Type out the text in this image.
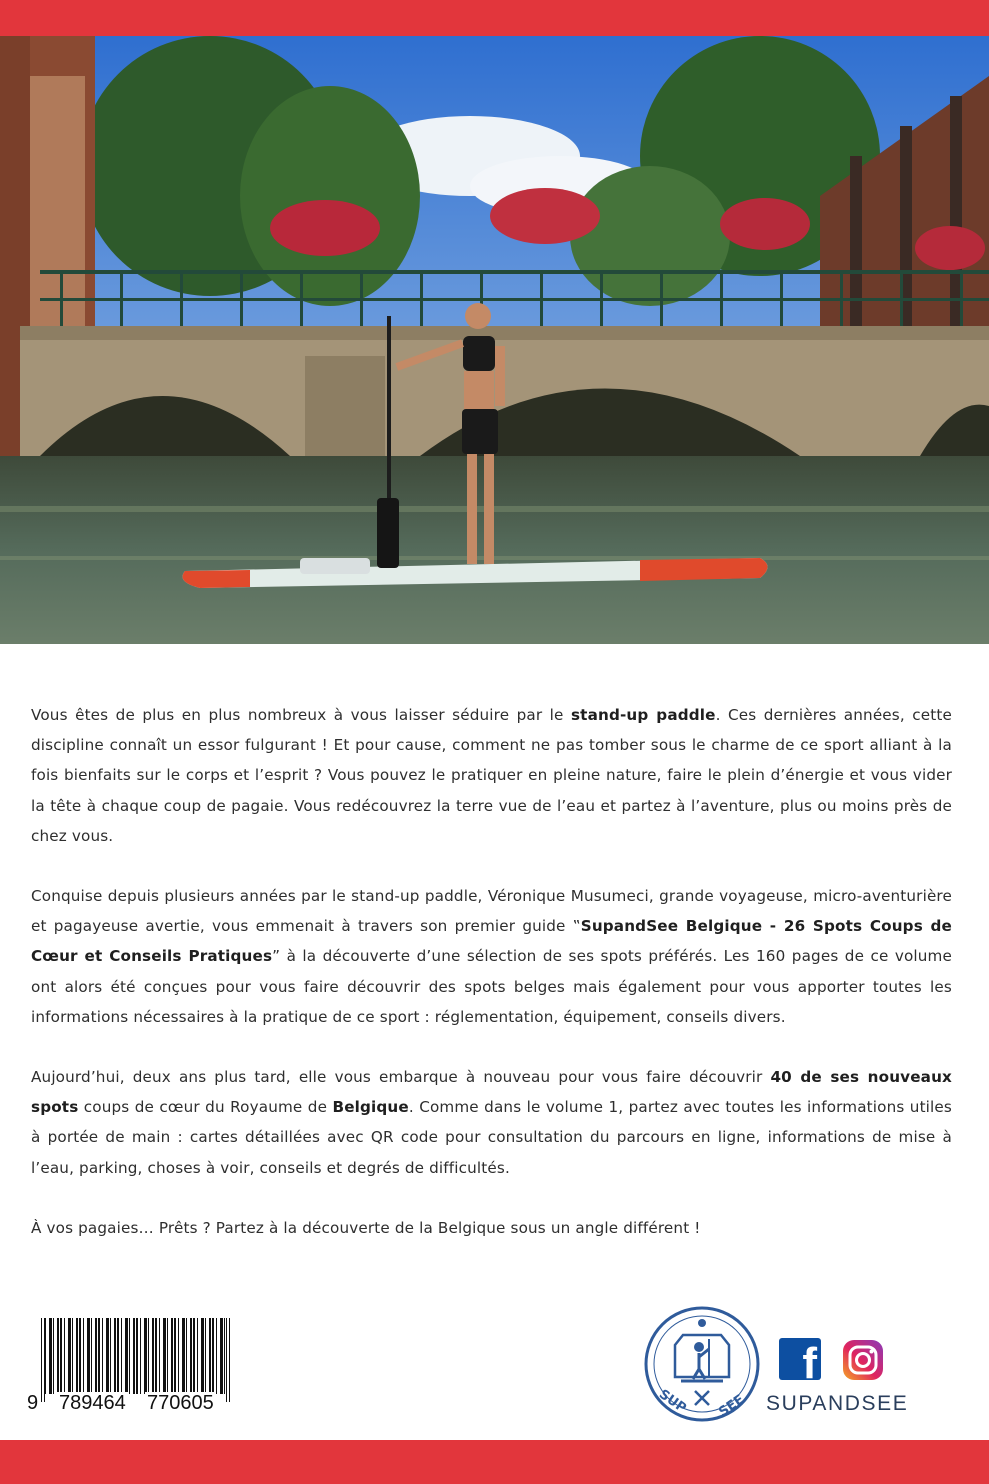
Vous êtes de plus en plus nombreux à vous laisser séduire par le stand-up paddle. Ces dernières années, cette discipline connaît un essor fulgurant ! Et pour cause, comment ne pas tomber sous le charme de ce sport alliant à la fois bienfaits sur le corps et l’esprit ? Vous pouvez le pratiquer en pleine nature, faire le plein d’énergie et vous vider la tête à chaque coup de pagaie. Vous redécouvrez la terre vue de l’eau et partez à l’aventure, plus ou moins près de chez vous.

Conquise depuis plusieurs années par le stand-up paddle, Véronique Musumeci, grande voyageuse, micro-aventurière et pagayeuse avertie, vous emmenait à travers son premier guide ‟SupandSee Belgique - 26 Spots Coups de Cœur et Conseils Pratiques” à la découverte d’une sélection de ses spots préférés. Les 160 pages de ce volume ont alors été conçues pour vous faire découvrir des spots belges mais également pour vous apporter toutes les informations nécessaires à la pratique de ce sport : réglementation, équipement, conseils divers.

Aujourd’hui, deux ans plus tard, elle vous embarque à nouveau pour vous faire découvrir 40 de ses nouveaux spots coups de cœur du Royaume de Belgique. Comme dans le volume 1, partez avec toutes les informations utiles à portée de main : cartes détaillées avec QR code pour consultation du parcours en ligne, informations de mise à l’eau, parking, choses à voir, conseils et degrés de difficultés.

À vos pagaies… Prêts ? Partez à la découverte de la Belgique sous un angle différent !

9 789464 770605	SUP SEE
f
SUPANDSEE
